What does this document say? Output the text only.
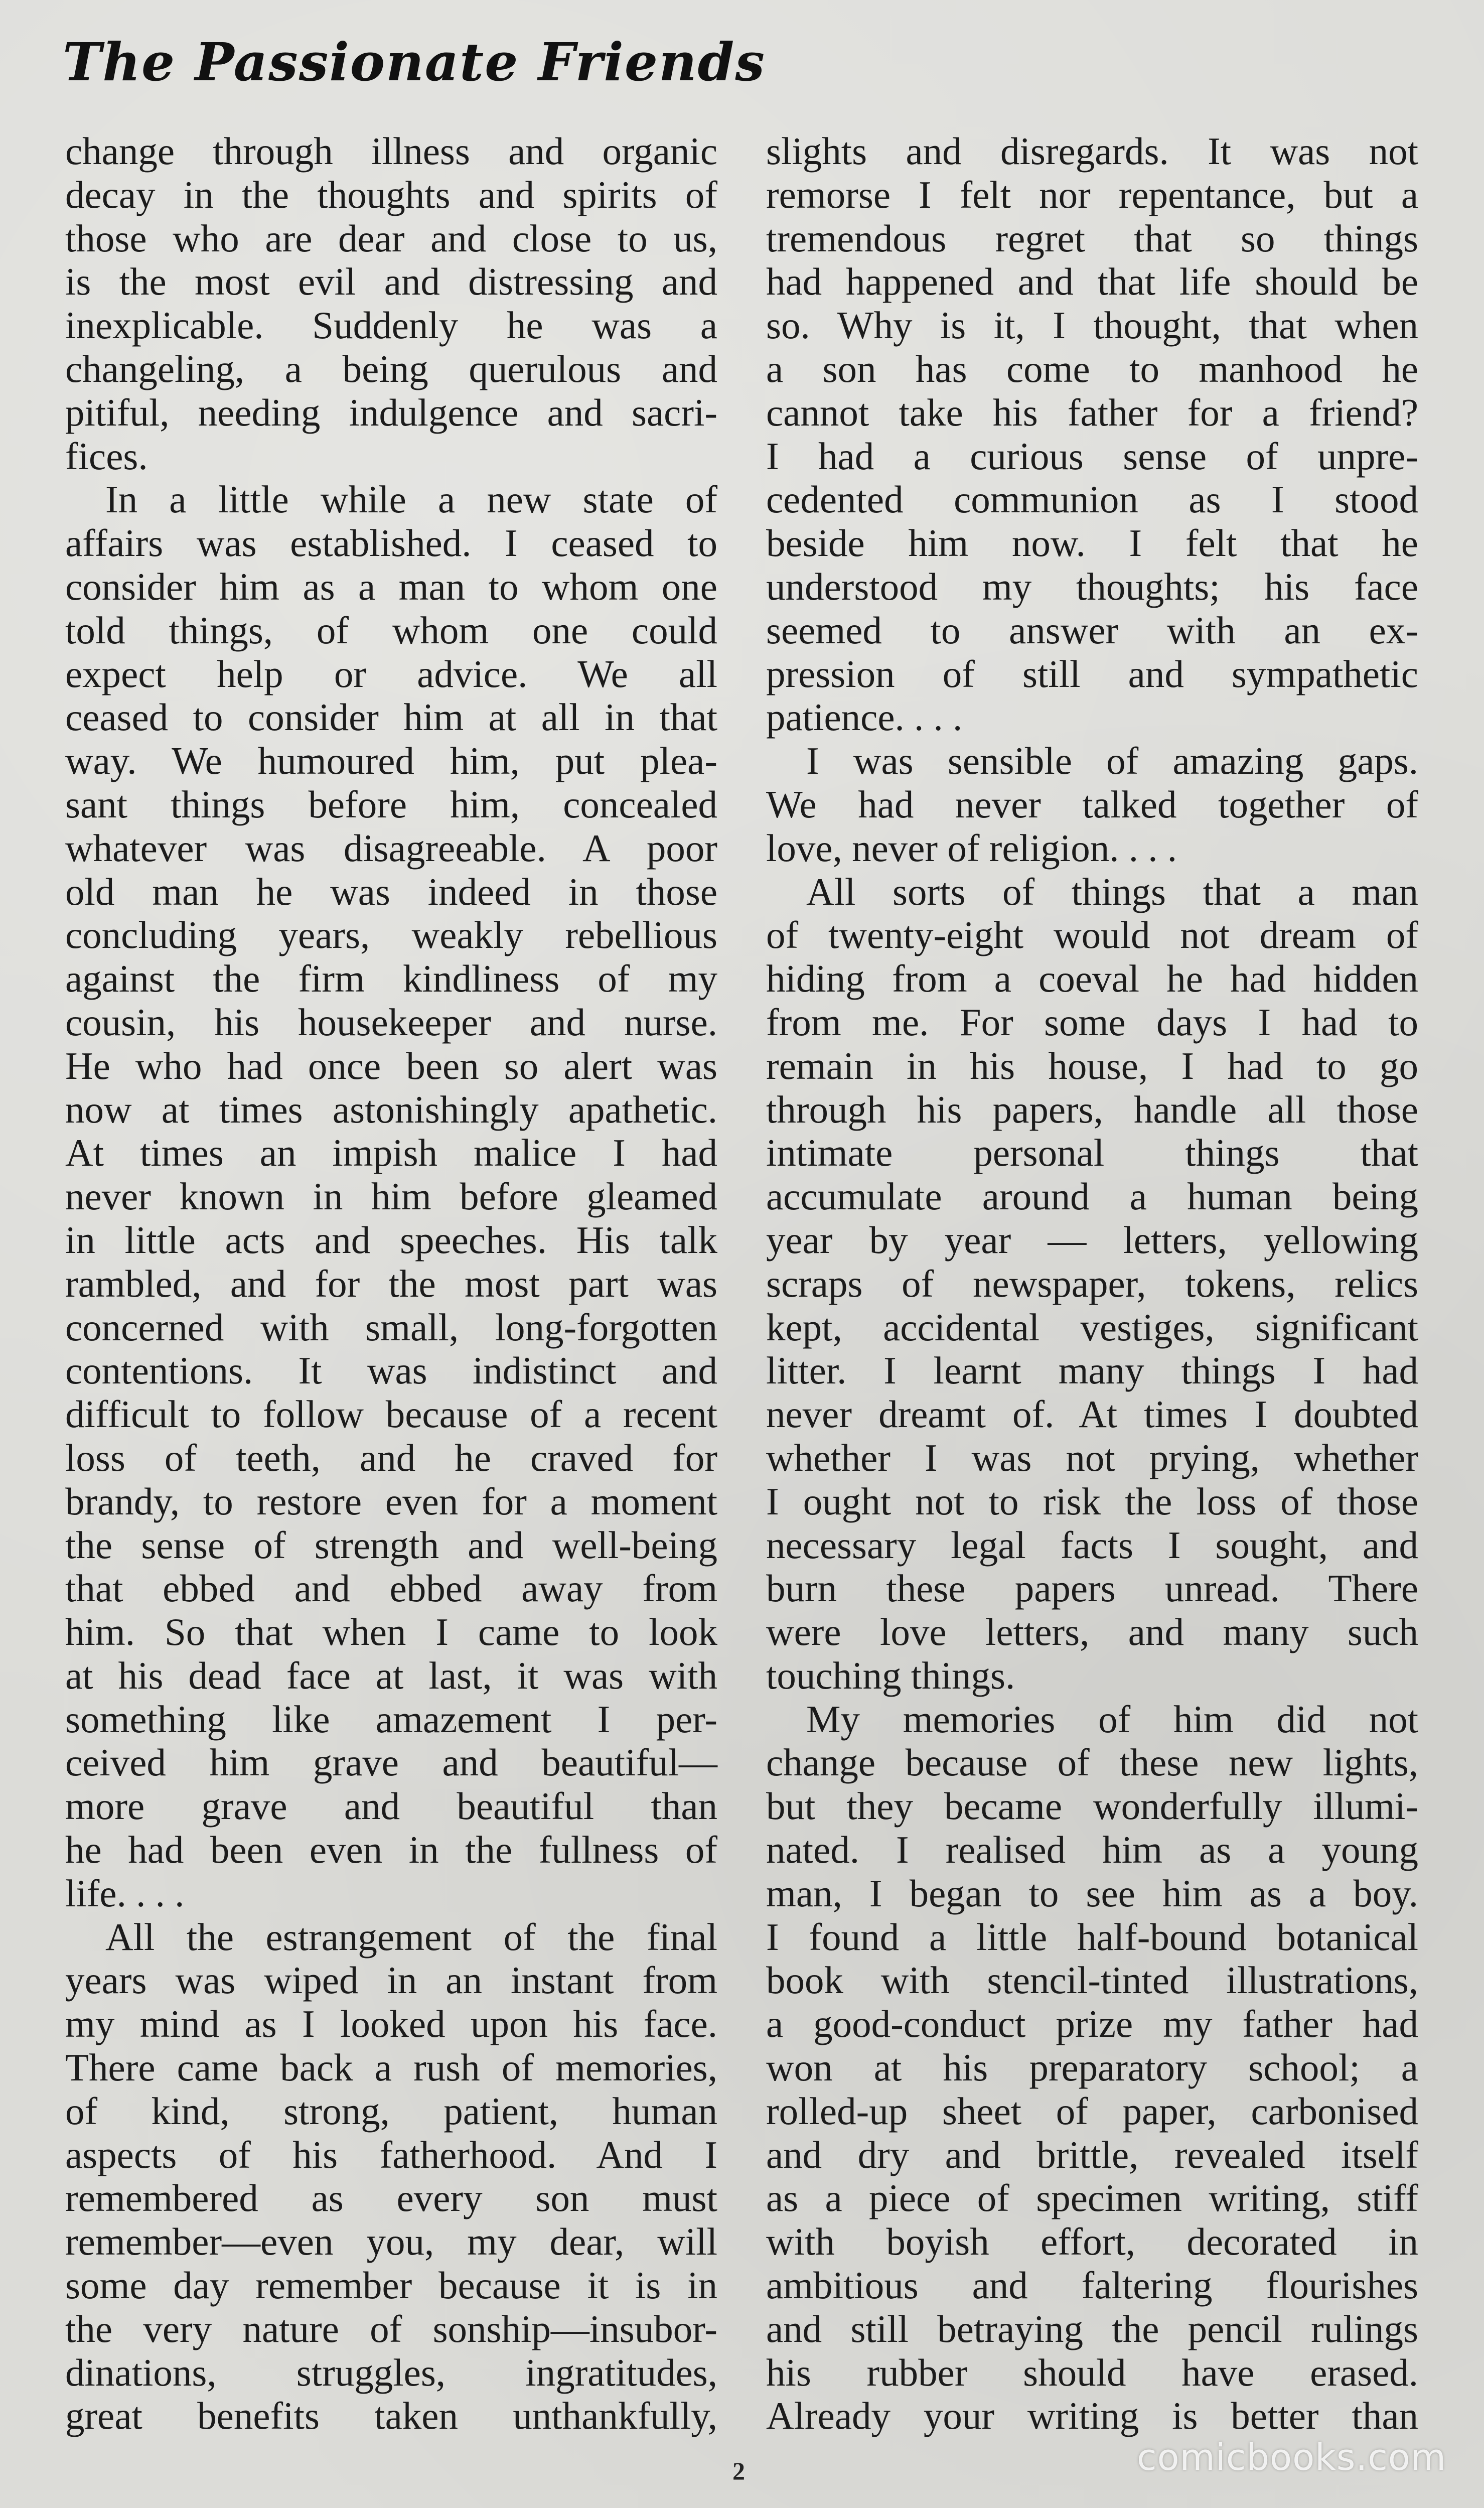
The Passionate Friends
change through illness and organic
decay in the thoughts and spirits of
those who are dear and close to us,
is the most evil and distressing and
inexplicable. Suddenly he was a
changeling, a being querulous and
pitiful, needing indulgence and sacri-
fices.
In a little while a new state of
affairs was established. I ceased to
consider him as a man to whom one
told things, of whom one could
expect help or advice. We all
ceased to consider him at all in that
way. We humoured him, put plea-
sant things before him, concealed
whatever was disagreeable. A poor
old man he was indeed in those
concluding years, weakly rebellious
against the firm kindliness of my
cousin, his housekeeper and nurse.
He who had once been so alert was
now at times astonishingly apathetic.
At times an impish malice I had
never known in him before gleamed
in little acts and speeches. His talk
rambled, and for the most part was
concerned with small, long-forgotten
contentions. It was indistinct and
difficult to follow because of a recent
loss of teeth, and he craved for
brandy, to restore even for a moment
the sense of strength and well-being
that ebbed and ebbed away from
him. So that when I came to look
at his dead face at last, it was with
something like amazement I per-
ceived him grave and beautiful—
more grave and beautiful than
he had been even in the fullness of
life. . . .
All the estrangement of the final
years was wiped in an instant from
my mind as I looked upon his face.
There came back a rush of memories,
of kind, strong, patient, human
aspects of his fatherhood. And I
remembered as every son must
remember—even you, my dear, will
some day remember because it is in
the very nature of sonship—insubor-
dinations, struggles, ingratitudes,
great benefits taken unthankfully,
slights and disregards. It was not
remorse I felt nor repentance, but a
tremendous regret that so things
had happened and that life should be
so. Why is it, I thought, that when
a son has come to manhood he
cannot take his father for a friend?
I had a curious sense of unpre-
cedented communion as I stood
beside him now. I felt that he
understood my thoughts; his face
seemed to answer with an ex-
pression of still and sympathetic
patience. . . .
I was sensible of amazing gaps.
We had never talked together of
love, never of religion. . . .
All sorts of things that a man
of twenty-eight would not dream of
hiding from a coeval he had hidden
from me. For some days I had to
remain in his house, I had to go
through his papers, handle all those
intimate personal things that
accumulate around a human being
year by year — letters, yellowing
scraps of newspaper, tokens, relics
kept, accidental vestiges, significant
litter. I learnt many things I had
never dreamt of. At times I doubted
whether I was not prying, whether
I ought not to risk the loss of those
necessary legal facts I sought, and
burn these papers unread. There
were love letters, and many such
touching things.
My memories of him did not
change because of these new lights,
but they became wonderfully illumi-
nated. I realised him as a young
man, I began to see him as a boy.
I found a little half-bound botanical
book with stencil-tinted illustrations,
a good-conduct prize my father had
won at his preparatory school; a
rolled-up sheet of paper, carbonised
and dry and brittle, revealed itself
as a piece of specimen writing, stiff
with boyish effort, decorated in
ambitious and faltering flourishes
and still betraying the pencil rulings
his rubber should have erased.
Already your writing is better than
2	comicbooks.com
